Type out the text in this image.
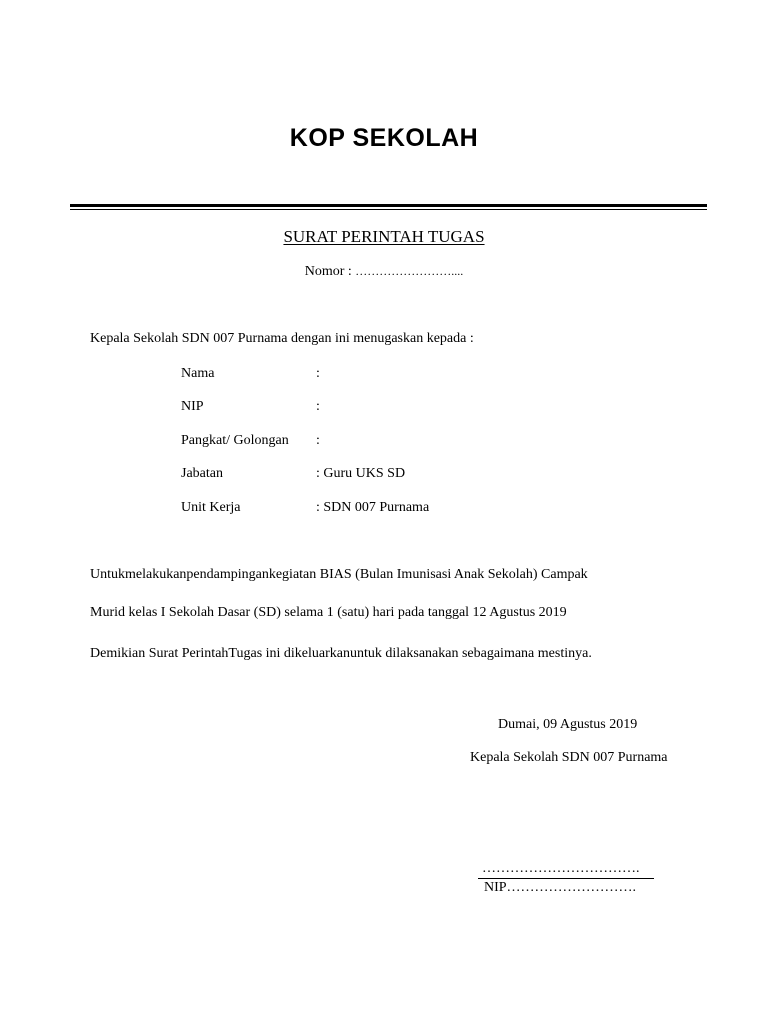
KOP SEKOLAH
SURAT PERINTAH TUGAS
Nomor : ……………………....
Kepala Sekolah SDN 007 Purnama dengan ini menugaskan kepada :
Nama	:
NIP	:
Pangkat/ Golongan :
Jabatan	: Guru UKS SD
Unit Kerja	: SDN 007 Purnama
Untukmelakukanpendampingankegiatan BIAS (Bulan Imunisasi Anak Sekolah) Campak
Murid kelas I Sekolah Dasar (SD) selama 1 (satu) hari pada tanggal 12 Agustus 2019
Demikian Surat PerintahTugas ini dikeluarkanuntuk dilaksanakan sebagaimana mestinya.
Dumai, 09 Agustus 2019
Kepala Sekolah SDN 007 Purnama
…………………………….
NIP……………………….
